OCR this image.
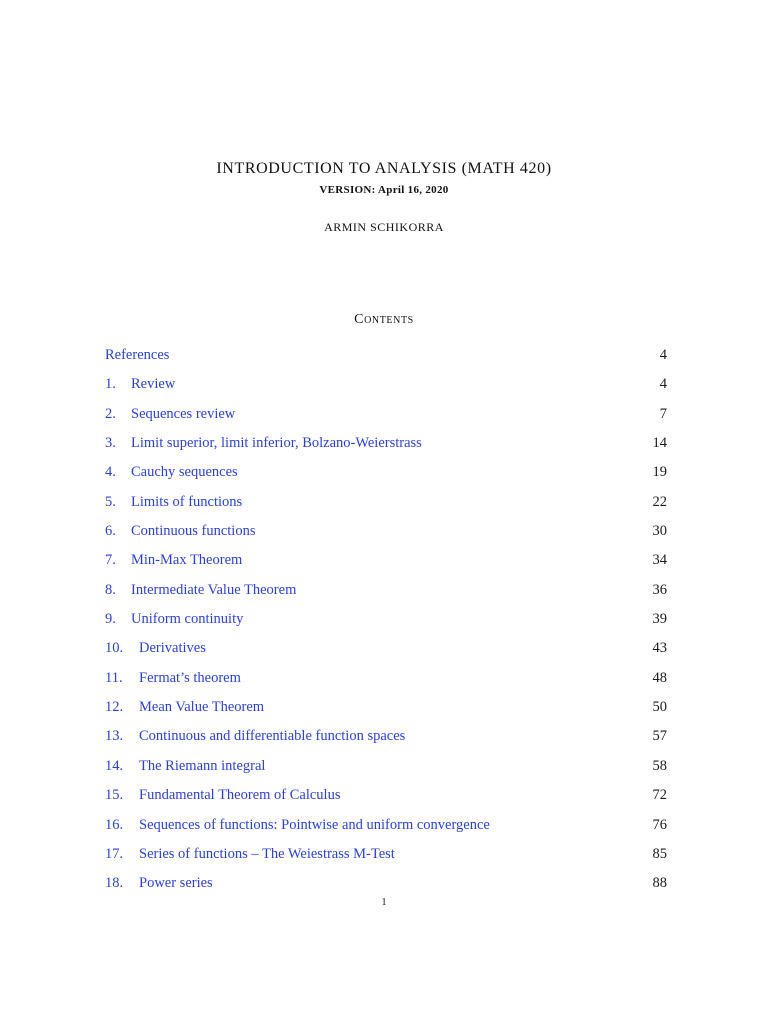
INTRODUCTION TO ANALYSIS (MATH 420)
VERSION: April 16, 2020
ARMIN SCHIKORRA
Contents
References	4
1. Review	4
2. Sequences review	7
3. Limit superior, limit inferior, Bolzano-Weierstrass	14
4. Cauchy sequences	19
5. Limits of functions	22
6. Continuous functions	30
7. Min-Max Theorem	34
8. Intermediate Value Theorem	36
9. Uniform continuity	39
10. Derivatives	43
11. Fermat’s theorem	48
12. Mean Value Theorem	50
13. Continuous and differentiable function spaces	57
14. The Riemann integral	58
15. Fundamental Theorem of Calculus	72
16. Sequences of functions: Pointwise and uniform convergence	76
17. Series of functions – The Weiestrass M-Test	85
18. Power series	88
1
